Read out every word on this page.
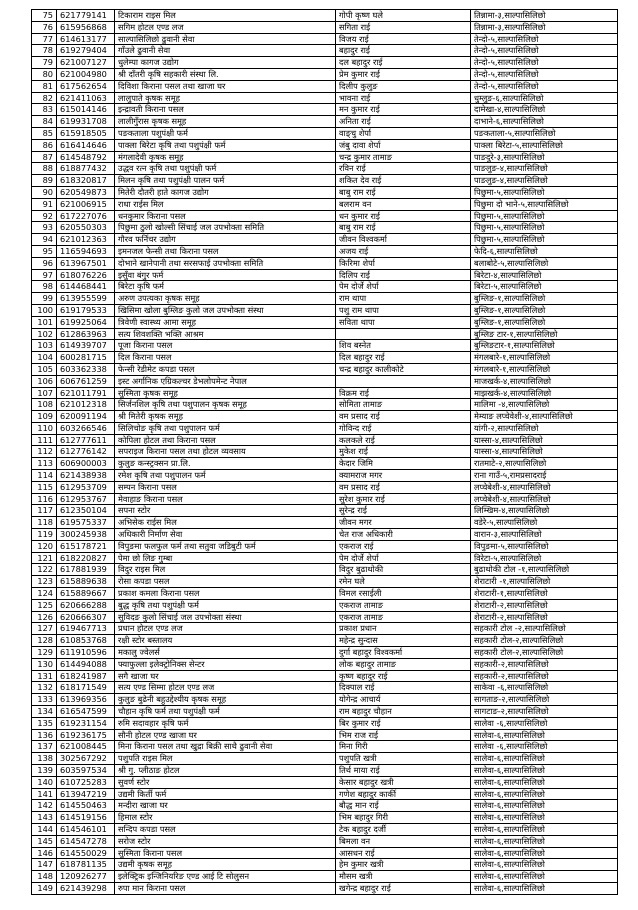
75	621779141	टिकाराम राइस मिल	गोपी कृष्ण घले	तिन्नामा-३,साल्पासिलिछो
76	615956868	सगिम होटल एण्ड लज	सगिता राई	तिन्नामा-३,साल्पासिलिछो
77	614613177	साल्पासिलिछो ढुवानी सेवा	विजय राई	तेन्दो-५,साल्पासिलिछो
78	619279404	गाँउले ढुवानी सेवा	बहादुर राई	तेन्दो-५,साल्पासिलिछो
79	621007127	धुलेम्पा कागज उद्योग	दल बहादुर राई	तेन्दो-५,साल्पासिलिछो
80	621004980	श्री दाँतरी कृषि सहकारी संस्था लि.	प्रेम कुमार राई	तेन्दो-५,साल्पासिलिछो
81	617562654	दिविशा किराना पसल तथा खाजा घर	दिलीप कुलुङ	तेन्दो-५,साल्पासिलिछो
82	621411063	लालुपाते कृषक समूह	भावना राई	धुम्लुङ-६,साल्पासिलिछो
83	615014146	इन्द्रावती किराना पसल	मन कुमार राई	दामेखा-४,साल्पासिलिछो
84	619931708	लालीगुँरास कृषक समूह	अनिता राई	दाभाने-६,साल्पासिलिछो
85	615918505	पङकताला पशुपंक्षी फर्म	वाङ्चु शेर्पा	पङकताला-५,साल्पासिलिछो
86	616414646	पाक्ला बिरेटा कृषि तथा पशुपंक्षी फर्म	जंबु दावा शेर्पा	पाक्ला बिरेटा-५,साल्पासिलिछो
87	614548792	मंगलादेवी कृषक समूह	चन्द्र कुमार तामाङ	पाङदुरे-३,साल्पासिलिछो
88	618877432	उद्धव रत्न कृषि तथा पशुपंक्षी फर्म	रविन राई	पाङलुङ-४,साल्पासिलिछो
89	618320817	मिलन कृषि तथा पशुपंक्षी पालन फर्म	शकित देव राई	पाङलुङ-४,साल्पासिलिछो
90	620549873	मितेरी दौतरी हाते कागज उद्योग	बाबु राम राई	पिछुमा-५,साल्पासिलिछो
91	621006915	राधा राईस मिल	बलराम वन	पिछुमा दो भाने-५,साल्पासिलिछो
92	617227076	धनकुमार किराना पसल	धन कुमार राई	पिछुमा-५,साल्पासिलिछो
93	620550303	पिछुमा ठुलो खोल्सी सिंचाई जल उपभोक्ता समिति	बाबु राम राई	पिछुमा-५,साल्पासिलिछो
94	621012363	गौरव फर्निचर उद्योग	जीवन विश्वकर्मा	पिछुमा-५,साल्पासिलिछो
95	116594693	इमनजल फेन्सी तथा किराना पसल	अजय राई	फेदि-६,साल्पासिलिछो
96	613967501	दोभाने खानेपानी तथा सरसफाई उपभोक्ता समिति	किरिमा शेर्पा	बलाबोटे-५,साल्पासिलिछो
97	618076226	इसुँवा बंगुर फर्म	दिलिप राई	बिरेटा-४,साल्पासिलिछो
98	614468441	बिरेटा कृषि फर्म	पेम दोर्जे शेर्पा	बिरेटा-५,साल्पासिलिछो
99	613955599	अरुण उपत्यका कृषक समूह	राम थापा	बुम्लिङ-१,साल्पासिलिछो
100	619179533	खिसिमा खोला बुम्लिङ कुलो जल उपभोक्ता संस्था	पशु राम थापा	बुम्लिङ-१,साल्पासिलिछो
101	619925064	त्रिवेणी स्वास्थ्य आमा समूह	सविता थापा	बुम्लिङ-१,साल्पासिलिछो
102	612863963	सत्य शिवशक्ति भक्ति आश्रम		बुम्लिङ टार-१,साल्पासिलिछो
103	614939707	पूजा किराना पसल	शिव बस्नेत	बुम्लिङटार-१,साल्पासिलिछो
104	600281715	दिल किराना पसल	दिल बहादुर राई	मंगलबारे-१,साल्पासिलिछो
105	603362338	फेन्सी रेडीमेट कपडा पसल	चन्द्र बहादुर कालीकोटे	मंगलबारे-१,साल्पासिलिछो
106	606761259	इस्ट अर्गानिक एग्रिकल्चर डेभलोपमेन्ट नेपाल		माजखर्क-४,साल्पासिलिछो
107	621011791	सुस्मिता कृषक समूह	विक्रम राई	माझखर्क-४,साल्पासिलिछो
108	621012318	सिर्जनशिल कृषि तथा पशुपालन कृषक समूह	सोमिता तामाङ	मालिमा -४,साल्पासिलिछो
109	620091194	श्री मितेरी कृषक समूह	वम प्रसाद राई	मेम्याङ लप्चेवेशी-४,साल्पासिलिछो
110	603266546	सिलिचोङ कृषि तथा पशुपालन फर्म	गोविन्द राई	यांगी-२,साल्पासिलिछो
111	612777611	कोपिला होटल तथा किराना पसल	कलकले राई	यास्सा-४,साल्पासिलिछो
112	612776142	सपराइज किराना पसल तथा होटल व्यवसाय	मुकेश राई	यास्सा-४,साल्पासिलिछो
113	606900003	कुलुङ कन्स्ट्रक्सन प्रा.लि.	केदार जिमि	रातमाटे-२,साल्पासिलिछो
114	621438938	रमेश कृषि तथा पशुपालन फर्म	क्यामराज मगर	राना गाउँ-५,रामप्रसादराई
115	612953709	सम्पन किराना पसल	वम प्रसाद राई	लप्चेबेशी-४,साल्पासिलिछो
116	612953767	मेवाहाङ किराना पसल	सुरेश कुमार राई	लप्चेबेशी-४,साल्पासिलिछो
117	612350104	सपना स्टोर	सुरेन्द्र राई	लिम्खिम-४,साल्पासिलिछो
118	619575337	अभिसेक राईस मिल	जीवन मगर	वडेरे-५,साल्पासिलिछो
119	300245938	अधिकारी निर्माण सेवा	चेत राज अधिकारी	वारान-३,साल्पासिलिछो
120	615178721	विपुङमा फलफुल फर्म तथा सतुवा जडिबुटी फर्म	एकराज राई	विपुङमा-५,साल्पासिलिछो
121	618220827	पेमा छो लिङ गुम्बा	पेम दोर्जे शेर्पा	विरेटा-५,साल्पासिलिछो
122	617881939	विदुर राइस मिल	विदुर बुढाथोकी	बुढाथोकी टोल -१,साल्पासिलिछो
123	615889638	रोसा कपडा पसल	रमेन घले	शेराटारी -१,साल्पासिलिछो
124	615889667	प्रकाश कमला किराना पसल	विमल रसाईली	शेराटारी-१,साल्पासिलिछो
125	620666288	बुद्ध कृषि तथा पशुपंक्षी फर्म	एकराज तामाङ	शेराटारी-२,साल्पासिलिछो
126	620666307	सुविदङ कुलो सिंचाई जल उपभोक्ता संस्था	एकराज तामाङ	शेराटारी-२,साल्पासिलिछो
127	619467713	प्रधान होटल एण्ड लज	प्रकाश प्रधान	सहकारी टोल -२,साल्पासिलिछो
128	610853768	रक्षी स्टोर बस्तालय	महेन्द्र सुन्दास	सहकारी टोल-२,साल्पासिलिछो
129	611910596	मकालु ज्वेलर्स	दुर्गा बहादुर विश्वकर्मा	सहकारी टोल-२,साल्पासिलिछो
130	614494088	फ्याफुल्ला इलेक्ट्रोनिक्स सेन्टर	लोक बहादुर तामाङ	सहकारी-२,साल्पासिलिछो
131	618241987	सगै खाजा घर	कृष्ण बहादुर राई	सहकारी-२,साल्पासिलिछो
132	618171549	सत्य एण्ड सिम्मा होटल एण्ड लज	दिक्पाल राई	साकेवा -६,साल्पासिलिछो
133	613969356	कुलुङ बुढेनी बहुउद्देश्यीय कृषक समूह	योगेन्द्र आचार्य	सागताङ-२,साल्पासिलिछो
134	616547599	चौहान कृषि फर्म तथा पशुपंक्षी फर्म	राम बहादुर चौहान	सागटाङ-२,साल्पासिलिछो
135	619231154	रुमि सदावहार कृषि फर्म	बिर कुमार राई	सालेवा -६,साल्पासिलिछो
136	619236175	सौनी होटल एण्ड खाजा घर	भिम राज राई	सालेवा-६,साल्पासिलिछो
137	621008445	मिना किराना पसल तथा खुद्रा बिक्री साथै ढुवानी सेवा	मिना गिरी	सालेवा -६,साल्पासिलिछो
138	302567292	पशुपति राइस मिल	पशुपति खत्री	सालेवा-६,साल्पासिलिछो
139	603597534	श्री गु. प्लीठाङ होटल	तिर्थ माया राई	सालेवा-६,साल्पासिलिछो
140	610725283	सुवर्ण स्टोर	केसार बहादुर खत्री	सालेवा-६,साल्पासिलिछो
141	613947219	उद्यमी किर्ती फर्म	गणेश बहादुर कार्की	सालेवा-६,साल्पासिलिछो
142	614550463	मन्दीरा खाजा घर	बौद्ध मान राई	सालेवा-६,साल्पासिलिछो
143	614519156	हिमाल स्टोर	भिम बहादुर गिरी	सालेवा-६,साल्पासिलिछो
144	614546101	सन्दिप कपडा पसल	टेक बहादुर दर्जी	सालेवा-६,साल्पासिलिछो
145	614547278	सरोज स्टोर	बिमला वन	सालेवा-६,साल्पासिलिछो
146	614550029	सुस्मिता किराना पसल	आसधन राई	सालेवा-६,साल्पासिलिछो
147	618781135	उद्यमी कृषक समूह	हेम कुमार खत्री	सालेवा-६,साल्पासिलिछो
148	120926277	इलेक्ट्रिक इन्जिनियरिङ एण्ड आई टि सोलुसन	मौसम खत्री	सालेवा-६,साल्पासिलिछो
149	621439298	रुपा मान किराना पसल	खगेन्द्र बहादुर राई	सालेवा-६,साल्पासिलिछो
